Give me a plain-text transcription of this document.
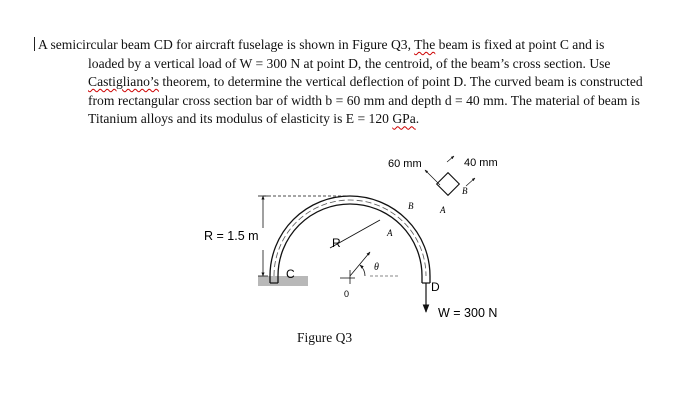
A semicircular beam CD for aircraft fuselage is shown in Figure Q3, The beam is fixed at point C and is loaded by a vertical load of W = 300 N at point D, the centroid, of the beam’s cross section. Use Castigliano’s theorem, to determine the vertical deflection of point D. The curved beam is constructed from rectangular cross section bar of width b = 60 mm and depth d = 40 mm. The material of beam is Titanium alloys and its modulus of elasticity is E = 120 GPa.

R = 1.5 m	R
C
D
W = 300 N
θ
0
A
A
B
B
60 mm	40 mm
Figure Q3
